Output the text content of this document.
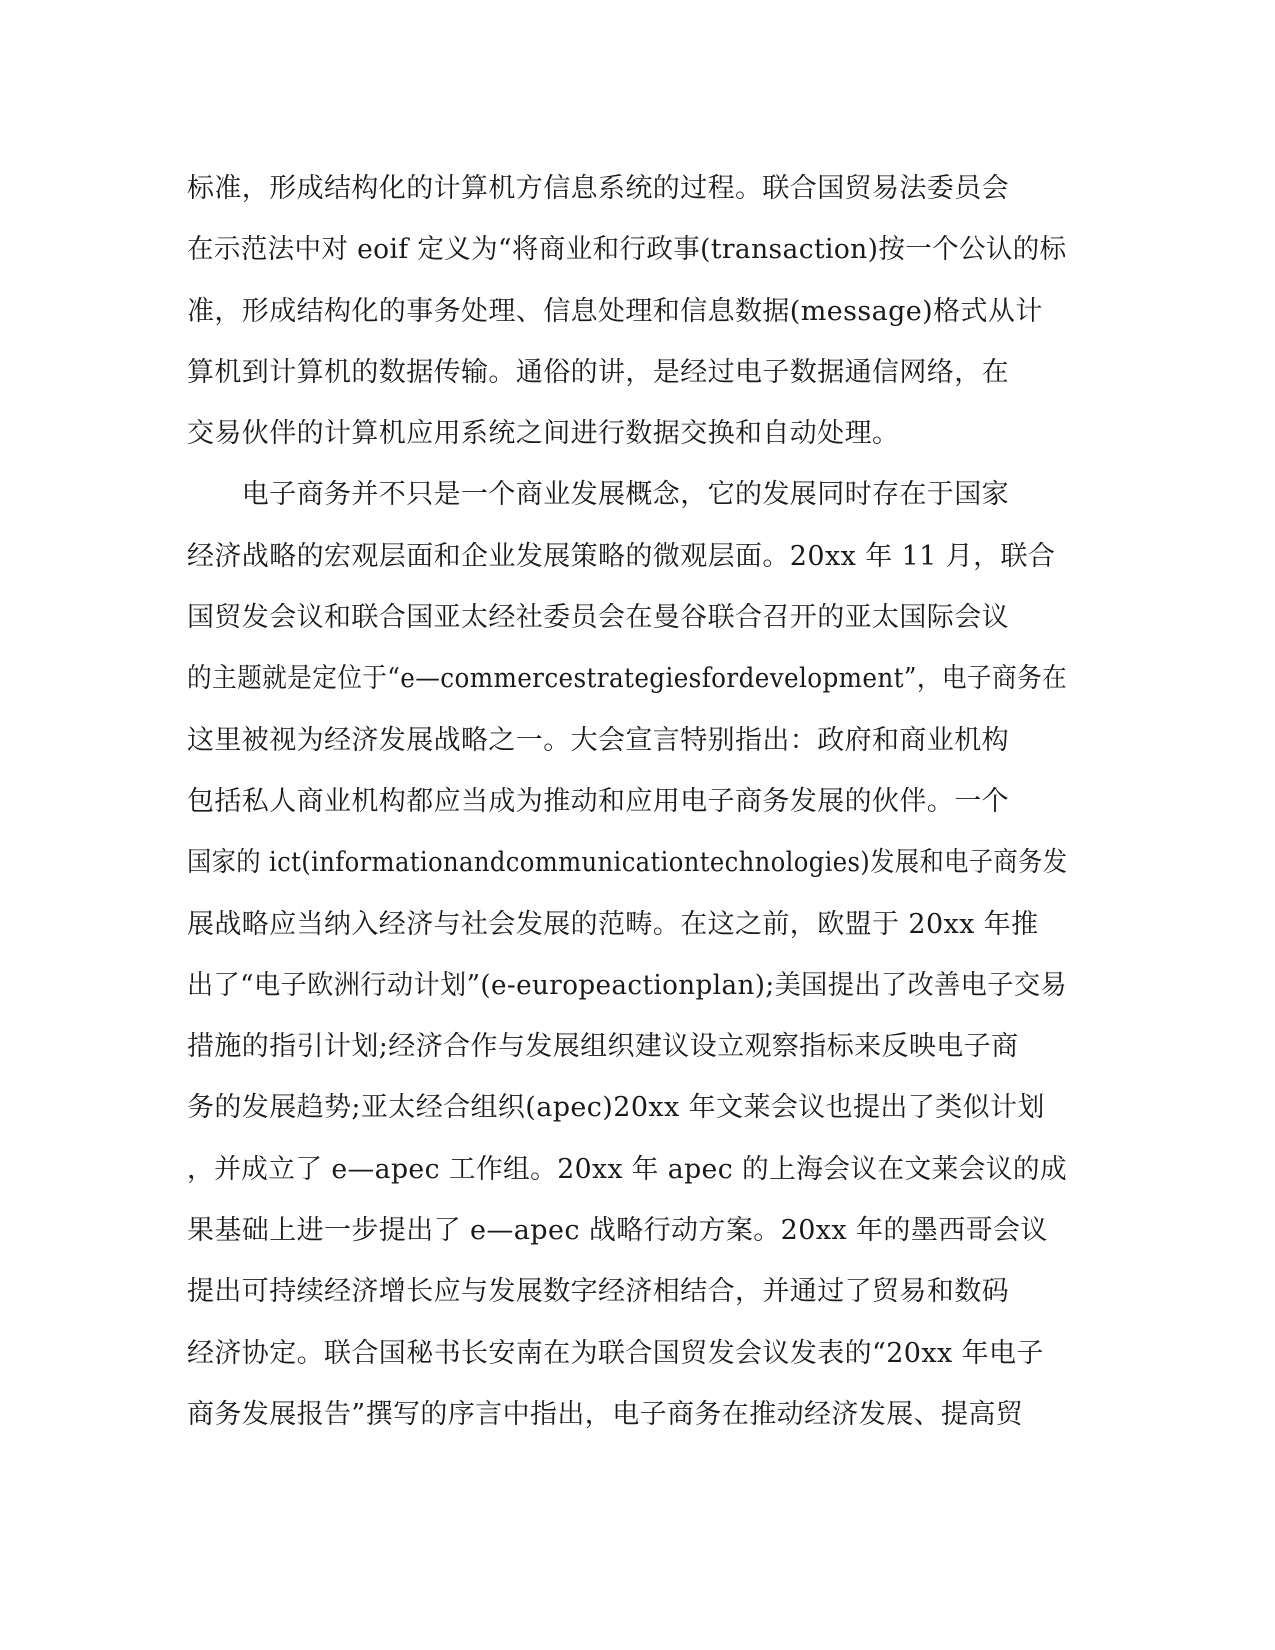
标准，形成结构化的计算机方信息系统的过程。联合国贸易法委员会
在示范法中对 eoif 定义为“将商业和行政事(transaction)按一个公认的标
准，形成结构化的事务处理、信息处理和信息数据(message)格式从计
算机到计算机的数据传输。通俗的讲，是经过电子数据通信网络，在
交易伙伴的计算机应用系统之间进行数据交换和自动处理。
　　电子商务并不只是一个商业发展概念，它的发展同时存在于国家
经济战略的宏观层面和企业发展策略的微观层面。20xx 年 11 月，联合
国贸发会议和联合国亚太经社委员会在曼谷联合召开的亚太国际会议
的主题就是定位于“e—commercestrategiesfordevelopment”，电子商务在
这里被视为经济发展战略之一。大会宣言特别指出：政府和商业机构
包括私人商业机构都应当成为推动和应用电子商务发展的伙伴。一个
国家的 ict(informationandcommunicationtechnologies)发展和电子商务发
展战略应当纳入经济与社会发展的范畴。在这之前，欧盟于 20xx 年推
出了“电子欧洲行动计划”(e-europeactionplan);美国提出了改善电子交易
措施的指引计划;经济合作与发展组织建议设立观察指标来反映电子商
务的发展趋势;亚太经合组织(apec)20xx 年文莱会议也提出了类似计划
，并成立了 e—apec 工作组。20xx 年 apec 的上海会议在文莱会议的成
果基础上进一步提出了 e—apec 战略行动方案。20xx 年的墨西哥会议
提出可持续经济增长应与发展数字经济相结合，并通过了贸易和数码
经济协定。联合国秘书长安南在为联合国贸发会议发表的“20xx 年电子
商务发展报告”撰写的序言中指出，电子商务在推动经济发展、提高贸
